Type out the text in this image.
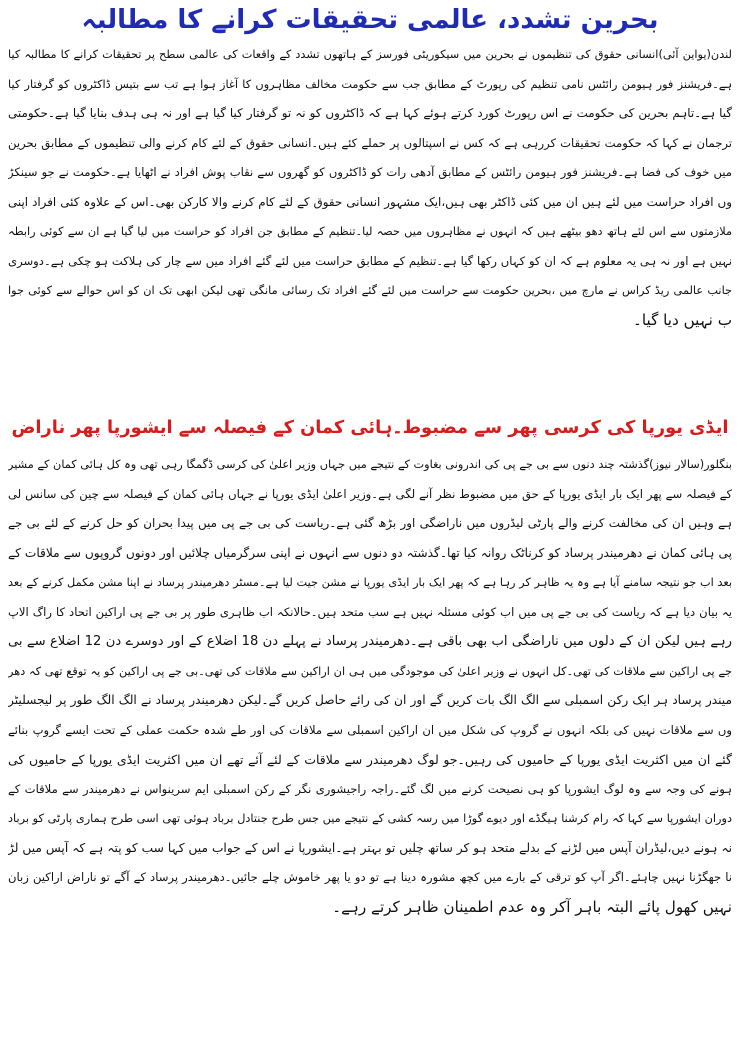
بحرین تشدد، عالمی تحقیقات کرانے کا مطالبہ
لندن(یواین آئی)انسانی حقوق کی تنظیموں نے بحرین میں سیکوریٹی فورسز کے ہاتھوں تشدد کے واقعات کی عالمی سطح پر تحقیقات کرانے کا مطالبہ کیا
ہے۔فریشنز فور ہیومن رائٹس نامی تنظیم کی رپورٹ کے مطابق جب سے حکومت مخالف مظاہروں کا آغاز ہوا ہے تب سے بتیس ڈاکٹروں کو گرفتار کیا
گیا ہے۔تاہم بحرین کی حکومت نے اس رپورٹ کورد کرتے ہوئے کہا ہے کہ ڈاکٹروں کو نہ تو گرفتار کیا گیا ہے اور نہ ہی ہدف بنایا گیا ہے۔حکومتی
ترجمان نے کہا کہ حکومت تحقیقات کررہی ہے کہ کس نے اسپتالوں پر حملے کئے ہیں۔انسانی حقوق کے لئے کام کرنے والی تنظیموں کے مطابق بحرین
میں خوف کی فضا ہے۔فریشنز فور ہیومن رائٹس کے مطابق آدھی رات کو ڈاکٹروں کو گھروں سے نقاب پوش افراد نے اٹھایا ہے۔حکومت نے جو سینکڑ
وں افراد حراست میں لئے ہیں ان میں کئی ڈاکٹر بھی ہیں،ایک مشہور انسانی حقوق کے لئے کام کرنے والا کارکن بھی۔اس کے علاوہ کئی افراد اپنی
ملازمتوں سے اس لئے ہاتھ دھو بیٹھے ہیں کہ انہوں نے مظاہروں میں حصہ لیا۔تنظیم کے مطابق جن افراد کو حراست میں لیا گیا ہے ان سے کوئی رابطہ
نہیں ہے اور نہ ہی یہ معلوم ہے کہ ان کو کہاں رکھا گیا ہے۔تنظیم کے مطابق حراست میں لئے گئے افراد میں سے چار کی ہلاکت ہو چکی ہے۔دوسری
جانب عالمی ریڈ کراس نے مارچ میں ،بحرین حکومت سے حراست میں لئے گئے افراد تک رسائی مانگی تھی لیکن ابھی تک ان کو اس حوالے سے کوئی جوا
ب نہیں دیا گیا۔
ایڈی یورپا کی کرسی پھر سے مضبوط۔ہائی کمان کے فیصلہ سے ایشورپا پھر ناراض
بنگلور(سالار نیوز)گذشتہ چند دنوں سے بی جے پی کی اندرونی بغاوت کے نتیجے میں جہاں وزیر اعلیٰ کی کرسی ڈگمگا رہی تھی وہ کل ہائی کمان کے مشیر
کے فیصلہ سے پھر ایک بار ایڈی یورپا کے حق میں مضبوط نظر آنے لگی ہے۔وزیر اعلیٰ ایڈی یورپا نے جہاں ہائی کمان کے فیصلہ سے چین کی سانس لی
ہے وہیں ان کی مخالفت کرنے والے پارٹی لیڈروں میں ناراضگی اور بڑھ گئی ہے۔ریاست کی بی جے پی میں پیدا بحران کو حل کرنے کے لئے بی جے
پی ہائی کمان نے دھرمیندر پرساد کو کرناٹک روانہ کیا تھا۔گذشتہ دو دنوں سے انہوں نے اپنی سرگرمیاں چلائیں اور دونوں گروپوں سے ملاقات کے
بعد اب جو نتیجہ سامنے آیا ہے وہ یہ ظاہر کر رہا ہے کہ پھر ایک بار ایڈی یورپا نے مشن جیت لیا ہے۔مسٹر دھرمیندر پرساد نے اپنا مشن مکمل کرنے کے بعد
یہ بیان دیا ہے کہ ریاست کی بی جے پی میں اب کوئی مسئلہ نہیں ہے سب متحد ہیں۔حالانکہ اب ظاہری طور پر بی جے پی اراکین اتحاد کا راگ الاپ
رہے ہیں لیکن ان کے دلوں میں ناراضگی اب بھی باقی ہے۔دھرمیندر پرساد نے پہلے دن 18 اضلاع کے اور دوسرے دن 12 اضلاع سے بی
جے پی اراکین سے ملاقات کی تھی۔کل انہوں نے وزیر اعلیٰ کی موجودگی میں ہی ان اراکین سے ملاقات کی تھی۔بی جے پی اراکین کو یہ توقع تھی کہ دھر
میندر پرساد ہر ایک رکن اسمبلی سے الگ الگ بات کریں گے اور ان کی رائے حاصل کریں گے۔لیکن دھرمیندر پرساد نے الگ الگ طور پر لیجسلیٹر
وں سے ملاقات نہیں کی بلکہ انہوں نے گروپ کی شکل میں ان اراکین اسمبلی سے ملاقات کی اور طے شدہ حکمت عملی کے تحت ایسے گروپ بنائے
گئے ان میں اکثریت ایڈی یورپا کے حامیوں کی رہیں۔جو لوگ دھرمیندر سے ملاقات کے لئے آئے تھے ان میں اکثریت ایڈی یورپا کے حامیوں کی
ہونے کی وجہ سے وہ لوگ ایشورپا کو ہی نصیحت کرنے میں لگ گئے۔راجہ راجیشوری نگر کے رکن اسمبلی ایم سرینواس نے دھرمیندر سے ملاقات کے
دوران ایشورپا سے کہا کہ رام کرشنا ہیگڈے اور دیوے گوڑا میں رسہ کشی کے نتیجے میں جس طرح جنتادل برباد ہوئی تھی اسی طرح ہماری پارٹی کو برباد
نہ ہونے دیں،لیڈران آپس میں لڑنے کے بدلے متحد ہو کر ساتھ چلیں تو بہتر ہے۔ایشورپا نے اس کے جواب میں کہا سب کو پتہ ہے کہ آپس میں لڑ
نا جھگڑنا نہیں چاہئے۔اگر آپ کو ترقی کے بارے میں کچھ مشورہ دینا ہے تو دو یا پھر خاموش چلے جائیں۔دھرمیندر پرساد کے آگے تو ناراض اراکین زبان
نہیں کھول پائے البتہ باہر آکر وہ عدم اطمینان ظاہر کرتے رہے۔
